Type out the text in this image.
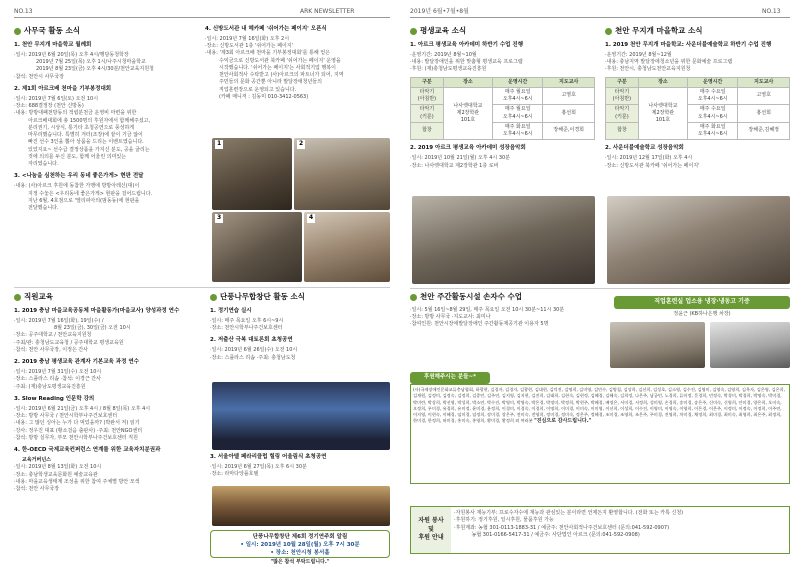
NO.13	ARK NEWSLETTER
사무국 활동 소식
1. 천안 무지개 마을학교 월례회
·일시: 2019년 6월 20일(목) 오후 4시/행담동청학장
2019년 7월 25일(목) 오후 1시/나주시청마을학교
2019년 8월 23일(금) 오후 4시/30분/천안교육지원청
·참석: 천안시 사무국장
2. 제1회 아르크배 천마을 기부봉정대회
·일시: 2019년 7월 6일(토) 오전 10시
·장소: 688결정장 (천안 신방동)
·내용: 방방대패천방동의 적립분천금 운영비 마련을 위한
아르크배대회에 총 1500명의 후원자에서 함께해주셨고,
분리권기, 시상식, 통기타 초청공연으로 풍성하게
마무리했습니다. 특별히 겨터(조장)에 끝이 기금 않이
빠진 선수 3인을 뽑아 상품을 드리는 이벤트였습니다.
있었지요~ 선수급 결정상품을 가지신 분도, 공을 굴리는
것에 의의를 두신 분도, 함께 어울린 의미있는
자리였습니다.
3. <나눔을 심천하는 우리 동네 좋은가게> 현판 전달
·내용: (사)아르크 후원에 동참한 가맹에 방방아레신(대)이
지정 수놓은 <우리동네 좋은가게> 현판을 걸어드립니다.
지난 6월, 4호점으로 '엘리피아의(범동동)에 현판을
전달했습니다.
4. 신방도서관 내 헤카페 '쉬어가는 페이지' 오픈식
·일시: 2019년 7월 16일(화) 오후 2시
·장소: 신방도서관 1층 '쉬어가는 페이지'
·내용: '제3회 아르크배 천마을 기부봉정대회'를 통해 얻은
수익금으로 신방도서관 북카페 '쉬어가는 페이지' 운영을
시작했습니다. '쉬어가는 페이지'는 사회적기업 행복이
천안사회적사 수탁받고 (사)아르크의 파트너가 되어, 지역
주민들의 문화 공간뿐 아니라 발달장애청년들의
직업훈련장으로 운영되고 있습니다.
(카페 매니저 : 김동미 010-3412-0563)
1	2
3	4
직원교육
1. 2019 충남 마을교육공동체 마을활동가(마을교사) 양성과정 연수
·일시: 2019년 7월 16일(화), 19일(수) /
8월 23일(금), 30일(금) 오전 10시
·장소: 공주대학교 / 천안교육지원청
·주최/관: 충청남도교육청 / 공주대학교 평생교육원
·참석: 천안 사무국장, 이정은 간사
2. 2019 충남 평생교육 관계자 기본교육 과정 연수
·일시: 2019년 7월 31일(수) 오전 10시
·장소: 스플라스 리솜 ·참석: 이경근 간사
·주최: (재)충남도평생교육진흥원
3. Slow Reading 인문학 강의
·일시: 2019년 6월 21일(금) 오후 4시 / 8월 8일(목) 오후 4시
·장소: 방방 사무국 / 천안시학부나주건보호센터
·내용: 그 많던 싱아는 누가 다 먹었을까? (박완서 저) 읽기
·강사: 정우진 대표 (황소걸음 출판사) ·주최: 천안NGO센터
·참석: 방방 실무자, 부모 천안시학부나주건보호센터 직원
4. 한-OECD 국제교육컨퍼런스 연계를 위한 교육자치분권과
교육거버넌스
·일시: 2019년 8월 13일(화) 오전 10시
·장소: 충남학생교육문화원 예술교육관
·내용: 마을교육생태계 조성을 위한 참여 주체별 방안 모색
·참석: 천안 사무국장
단풍나무합창단 활동 소식
1. 정기연습 실시
·일시: 매주 목요일 오후 6시~9시
·장소: 천안시학부나주건보호센터
2. 저출산 극복 대토론회 초청공연
·일시: 2019년 6월 26일(수) 오전 10시
·장소: 스플라스 리솜 ·주최: 충청남도청
3. 서울아델 페라리클럽 힐링 어울림식 초청공연
·일시: 2019년 6월 27일(목) 오후 6시 30분
·장소: 라마다앙플호텔
단풍나무합창단 제6회 정기연주회 알림
• 일시: 2019년 10월 28일(월) 오후 7시 30분
• 장소: 천안시청 봉서홀
"많은 참석 부탁드립니다."
2019년 6월•7월•8월	NO.13
평생교육 소식
1. 아르크 평생교육 아카데미 하반기 수업 진행
·운영기간: 2019년 8월~10월
·내용: 발달장애인을 위한 맞춤형 평생교육 프로그램
·후원: (재)충청남도평생교육진흥원
구분	장소	운영시간	지도교사
타악기
(아침반)	나사렛대학교
제2장학관
101호	매주 월요일
오후4시~6시	고영호
타악기
(키룬)		매주 월요일
오후4시~6시	홍선희
합창		매주 화요일
오후4시~6시	장해준,이경희
2. 2019 아르크 평생교육 아카데미 성장음악회
·일시: 2019년 10월 21일(월) 오후 4시 30분
·장소: 나사렛대학교 제2장학관 1층 로비
천안 무지개 마을학교 소식
1. 2019 천안 무지개 마을학교: 사운더블예술학교 하반기 수업 진행
·운영기간: 2019년 8월~12월
·내용: 충남지역 발달장애청소년을 위한 문화예술 프로그램
·후원: 천안시, 충청남도천안교육지원청
구분	장소	운영시간	지도교사
타악기
(아침반)	나사렛대학교
제2장학관
101호	매주 수요일
오후4시~6시	고영호
타악기
(키룬)		매주 수요일
오후4시~6시	홍선희
합창		매주 화요일
오후4시~6시	장해준,김혜정
2. 사운더블예술학교 성장음악회
·일시: 2019년 12월 17일(화) 오후 4시
·장소: 신방도서관 북카페 '쉬어가는 페이지'
천안 주간활동시설 손자수 수업
·일시: 5월 16일~8월 29일, 매주 목요일 오전 10시 30분~11시 30분
·장소: 방방 사무국 ·지도교사: 최미나
·참여인원: 천안시장애발달장애인 주간활동제공기관 이용자 5명
직업훈련실 업소용 냉장·냉동고 기증
정윤근 (KB하나은행 차장)
후원해주시는 분들~*
(사)국제장애인문화교류충남협회, 하광현, 김경자, 김경자, 김광현, 김대현, 김덕진, 김명희, 김미영, 김민수, 김병철, 김상희, 김선희, 김성호, 김소영, 김수진, 김영미, 김영숙, 김영희, 김옥자, 김은영, 김은희, 김재원, 김정미, 김정숙, 김정희, 김종민, 김주연, 김지영, 김지현, 김진희, 김태희, 김현숙, 김현정, 김혜경, 김혜숙, 김희정, 나은주, 남궁민, 노경희, 류미정, 문경희, 민정숙, 박경미, 박경희, 박명숙, 박미경, 박미란, 박상희, 박선영, 박성희, 박소연, 박수진, 박영미, 박영숙, 박은경, 박정미, 박정희, 박현주, 박혜경, 배정은, 서미경, 서정희, 성미영, 손경희, 송미경, 송은주, 신미숙, 신영희, 안미경, 양은희, 오미숙, 오정희, 우미경, 유경희, 유미정, 윤미경, 윤정희, 이경미, 이경숙, 이경희, 이명희, 이미경, 이미숙, 이미영, 이선희, 이성희, 이수진, 이영미, 이영숙, 이영희, 이은경, 이은주, 이정미, 이정숙, 이정희, 이주연, 이지영, 이현숙, 이혜경, 임미경, 임정희, 장미경, 장은주, 전미숙, 전영희, 정미경, 정미숙, 정은주, 정혜경, 조미경, 조영희, 조은주, 주미경, 진영희, 차미경, 채정희, 최미경, 최미숙, 최영희, 최은주, 최정희, 한미경, 한정희, 허미경, 홍미숙, 홍영희, 황미경, 황정희 외 여러분 "진심으로 감사드립니다."
자원 봉사
및
후원 안내
·자원봉사 재능기부: 프로수자수에 재능과 관심있는 분이라면 언제든지 환영합니다. (전화 또는 카톡 신청)
·후원하기: 정기후원, 일시후원, 물품후원 가능
·후원계좌: 농협 301-0113-1883-31 / 예금주: 천안사회적나주건보호센터 (문의:041-592-0907)
농협 301-0166-5417-31 / 예금주: 사단법인 아르크 (문의:041-592-0908)
